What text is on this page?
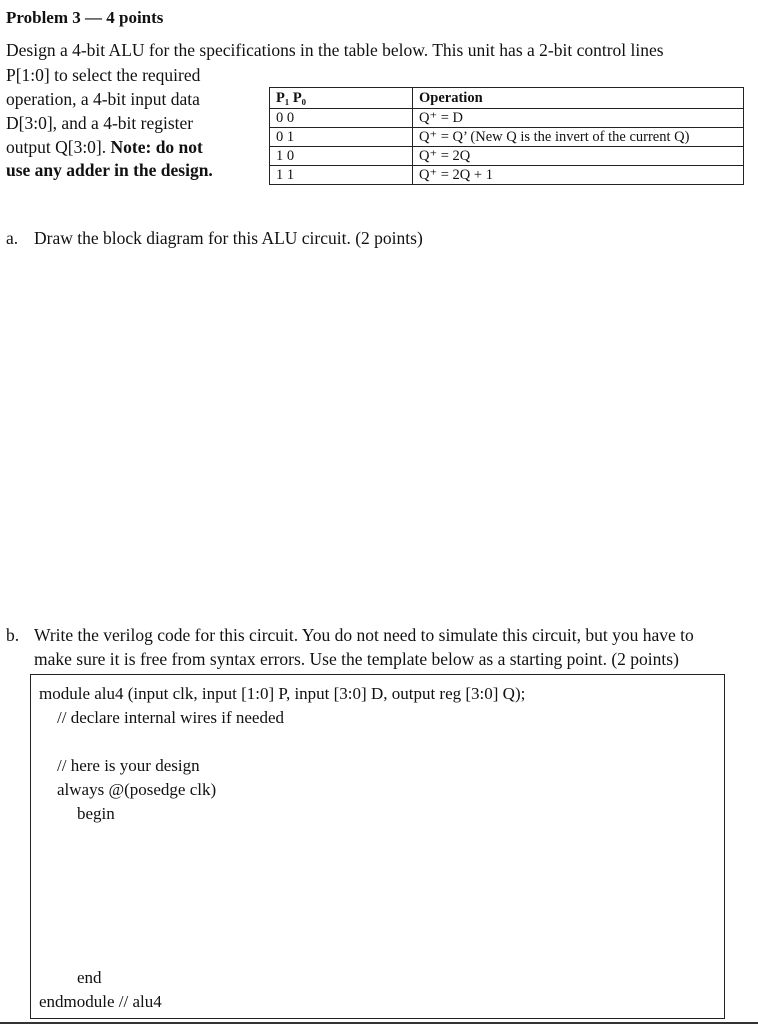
Problem 3 — 4 points
Design a 4-bit ALU for the specifications in the table below. This unit has a 2-bit control lines
P[1:0] to select the required
operation, a 4-bit input data
D[3:0], and a 4-bit register
output Q[3:0]. Note: do not
use any adder in the design.
P₁ P₀	Operation
0 0	Q⁺ = D
0 1	Q⁺ = Q’ (New Q is the invert of the current Q)
1 0	Q⁺ = 2Q
1 1	Q⁺ = 2Q + 1
a. Draw the block diagram for this ALU circuit. (2 points)
b. Write the verilog code for this circuit. You do not need to simulate this circuit, but you have to
make sure it is free from syntax errors. Use the template below as a starting point. (2 points)
module alu4 (input clk, input [1:0] P, input [3:0] D, output reg [3:0] Q);
// declare internal wires if needed
// here is your design
always @(posedge clk)
begin
end
endmodule // alu4
